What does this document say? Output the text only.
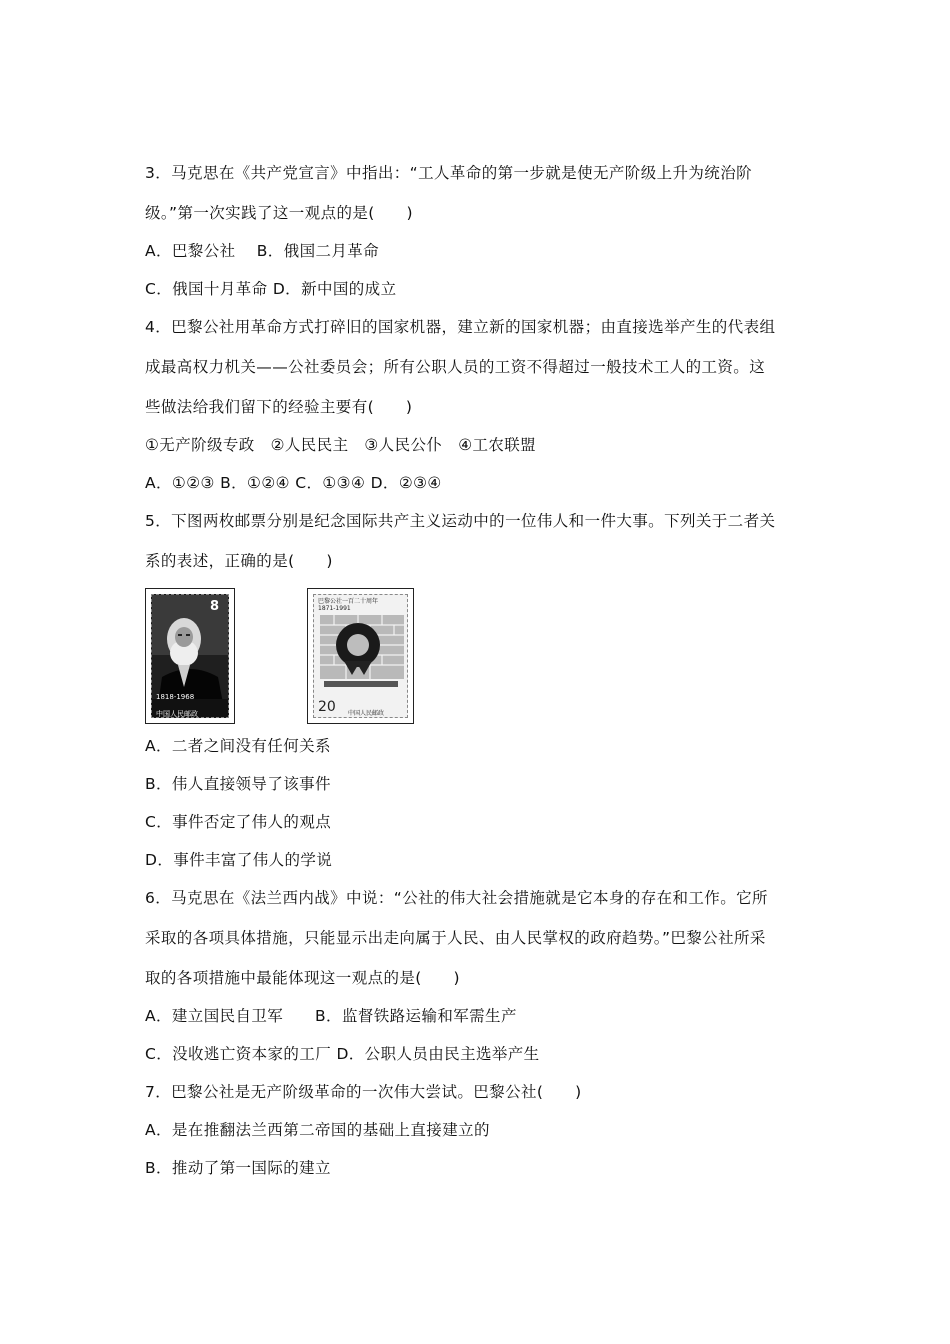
3．马克思在《共产党宣言》中指出：“工人革命的第一步就是使无产阶级上升为统治阶
级。”第一次实践了这一观点的是(　　)
A．巴黎公社　 B．俄国二月革命
C．俄国十月革命 D．新中国的成立
4．巴黎公社用革命方式打碎旧的国家机器，建立新的国家机器；由直接选举产生的代表组
成最高权力机关——公社委员会；所有公职人员的工资不得超过一般技术工人的工资。这
些做法给我们留下的经验主要有(　　)
①无产阶级专政　②人民民主　③人民公仆　④工农联盟
A．①②③ B．①②④ C．①③④ D．②③④
5．下图两枚邮票分别是纪念国际共产主义运动中的一位伟人和一件大事。下列关于二者关
系的表述，正确的是(　　)
8
1818-1968
中国人民邮政
巴黎公社一百二十周年
1871-1991
20 中国人民邮政
A．二者之间没有任何关系
B．伟人直接领导了该事件
C．事件否定了伟人的观点
D．事件丰富了伟人的学说
6．马克思在《法兰西内战》中说：“公社的伟大社会措施就是它本身的存在和工作。它所
采取的各项具体措施，只能显示出走向属于人民、由人民掌权的政府趋势。”巴黎公社所采
取的各项措施中最能体现这一观点的是(　　)
A．建立国民自卫军　　B．监督铁路运输和军需生产
C．没收逃亡资本家的工厂 D．公职人员由民主选举产生
7．巴黎公社是无产阶级革命的一次伟大尝试。巴黎公社(　　)
A．是在推翻法兰西第二帝国的基础上直接建立的
B．推动了第一国际的建立
